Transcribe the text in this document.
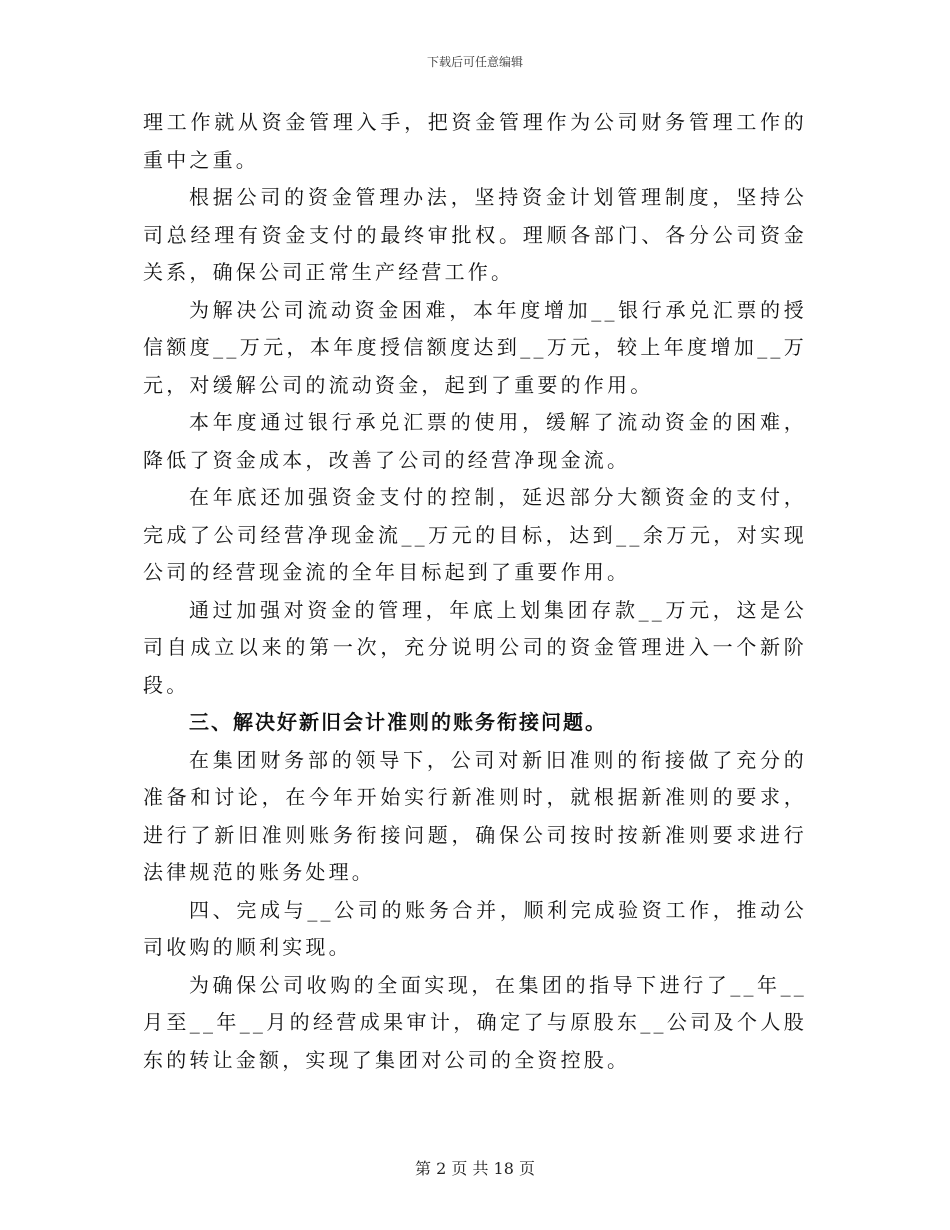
下载后可任意编辑

理工作就从资金管理入手，把资金管理作为公司财务管理工作的重中之重。

根据公司的资金管理办法，坚持资金计划管理制度，坚持公司总经理有资金支付的最终审批权。理顺各部门、各分公司资金关系，确保公司正常生产经营工作。

为解决公司流动资金困难，本年度增加__银行承兑汇票的授信额度__万元，本年度授信额度达到__万元，较上年度增加__万元，对缓解公司的流动资金，起到了重要的作用。

本年度通过银行承兑汇票的使用，缓解了流动资金的困难，降低了资金成本，改善了公司的经营净现金流。

在年底还加强资金支付的控制，延迟部分大额资金的支付，完成了公司经营净现金流__万元的目标，达到__余万元，对实现公司的经营现金流的全年目标起到了重要作用。

通过加强对资金的管理，年底上划集团存款__万元，这是公司自成立以来的第一次，充分说明公司的资金管理进入一个新阶段。

三、解决好新旧会计准则的账务衔接问题。

在集团财务部的领导下，公司对新旧准则的衔接做了充分的准备和讨论，在今年开始实行新准则时，就根据新准则的要求，进行了新旧准则账务衔接问题，确保公司按时按新准则要求进行法律规范的账务处理。

四、完成与__公司的账务合并，顺利完成验资工作，推动公司收购的顺利实现。

为确保公司收购的全面实现，在集团的指导下进行了__年__月至__年__月的经营成果审计，确定了与原股东__公司及个人股东的转让金额，实现了集团对公司的全资控股。

第 2 页 共 18 页
